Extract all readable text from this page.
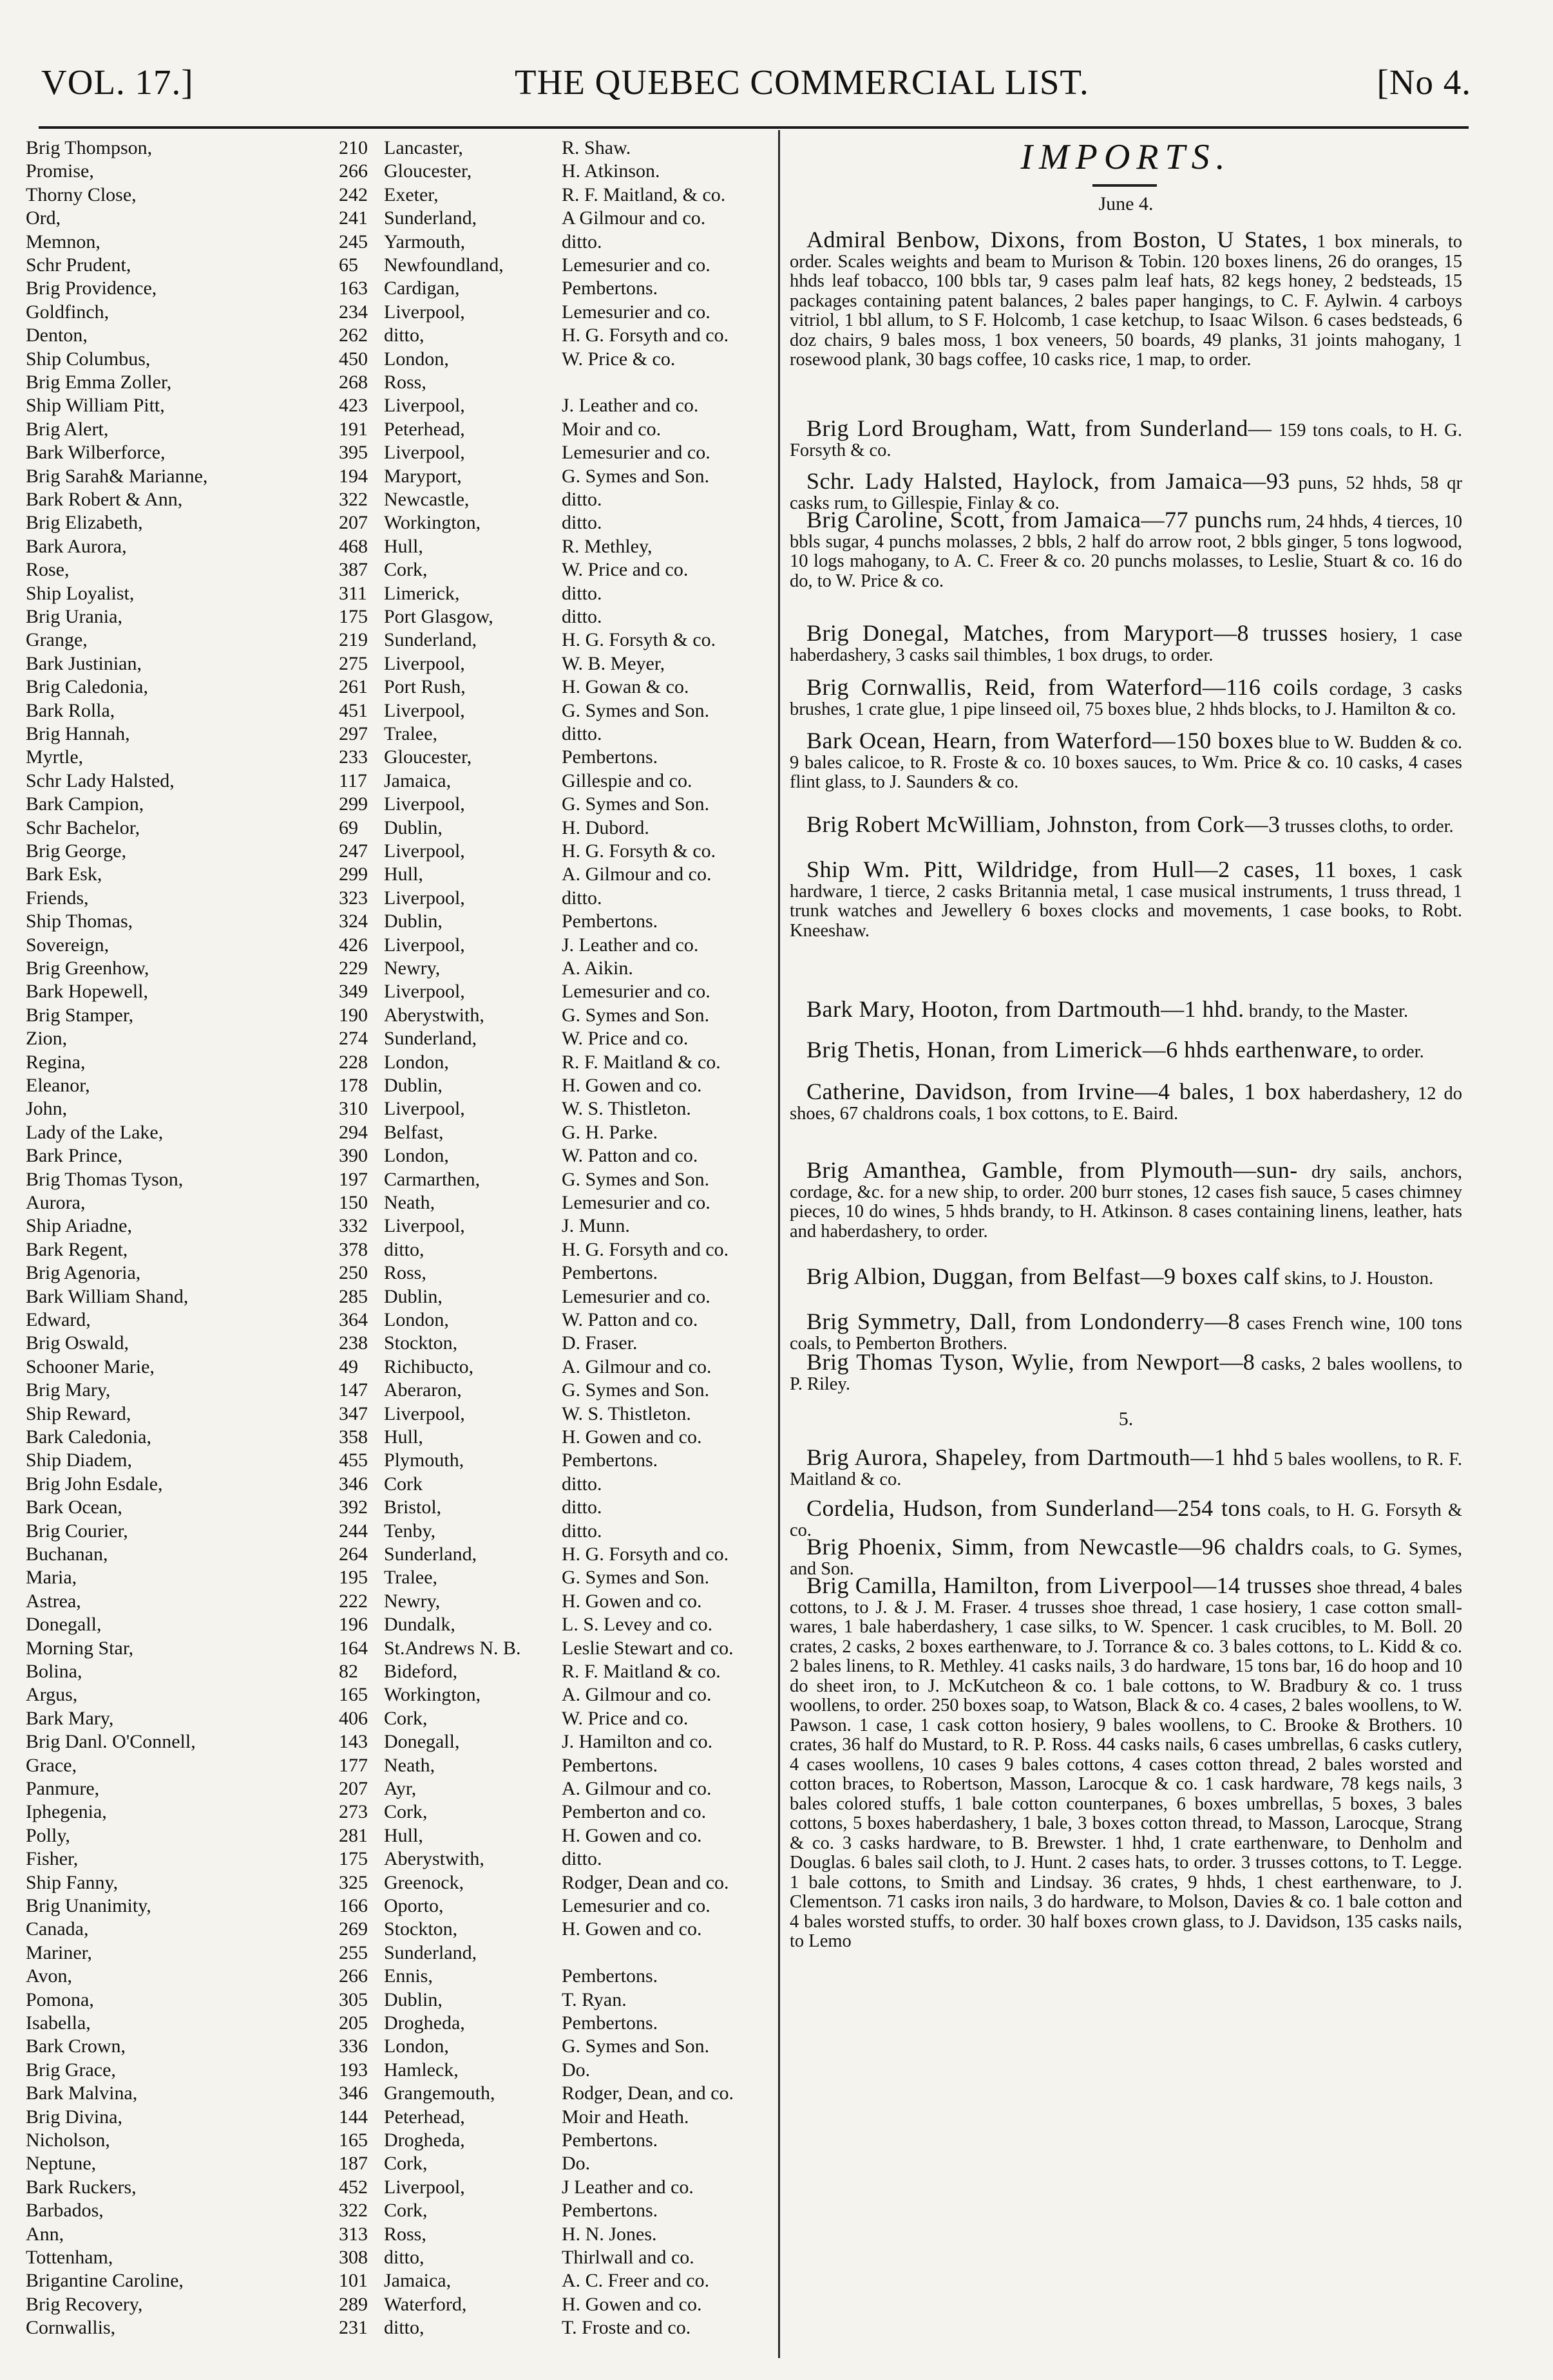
VOL. 17.]	THE QUEBEC COMMERCIAL LIST.	[No 4.
Brig Thompson,	210 Lancaster,	R. Shaw.
Promise,	266 Gloucester,	H. Atkinson.
Thorny Close,	242 Exeter,	R. F. Maitland, & co.
Ord,	241 Sunderland,	A Gilmour and co.
Memnon,	245 Yarmouth,	ditto.
Schr Prudent,	65	Newfoundland,	Lemesurier and co.
Brig Providence,	163 Cardigan,	Pembertons.
Goldfinch,	234 Liverpool,	Lemesurier and co.
Denton,	262 ditto,	H. G. Forsyth and co.
Ship Columbus,	450 London,	W. Price & co.
Brig Emma Zoller,	268 Ross,
Ship William Pitt,	423 Liverpool,	J. Leather and co.
Brig Alert,	191 Peterhead,	Moir and co.
Bark Wilberforce,	395 Liverpool,	Lemesurier and co.
Brig Sarah& Marianne,	194 Maryport,	G. Symes and Son.
Bark Robert & Ann,	322 Newcastle,	ditto.
Brig Elizabeth,	207 Workington,	ditto.
Bark Aurora,	468 Hull,	R. Methley,
Rose,	387 Cork,	W. Price and co.
Ship Loyalist,	311 Limerick,	ditto.
Brig Urania,	175 Port Glasgow,	ditto.
Grange,	219 Sunderland,	H. G. Forsyth & co.
Bark Justinian,	275 Liverpool,	W. B. Meyer,
Brig Caledonia,	261 Port Rush,	H. Gowan & co.
Bark Rolla,	451 Liverpool,	G. Symes and Son.
Brig Hannah,	297 Tralee,	ditto.
Myrtle,	233 Gloucester,	Pembertons.
Schr Lady Halsted,	117 Jamaica,	Gillespie and co.
Bark Campion,	299 Liverpool,	G. Symes and Son.
Schr Bachelor,	69	Dublin,	H. Dubord.
Brig George,	247 Liverpool,	H. G. Forsyth & co.
Bark Esk,	299 Hull,	A. Gilmour and co.
Friends,	323 Liverpool,	ditto.
Ship Thomas,	324 Dublin,	Pembertons.
Sovereign,	426 Liverpool,	J. Leather and co.
Brig Greenhow,	229 Newry,	A. Aikin.
Bark Hopewell,	349 Liverpool,	Lemesurier and co.
Brig Stamper,	190 Aberystwith,	G. Symes and Son.
Zion,	274 Sunderland,	W. Price and co.
Regina,	228 London,	R. F. Maitland & co.
Eleanor,	178 Dublin,	H. Gowen and co.
John,	310 Liverpool,	W. S. Thistleton.
Lady of the Lake,	294 Belfast,	G. H. Parke.
Bark Prince,	390 London,	W. Patton and co.
Brig Thomas Tyson,	197 Carmarthen,	G. Symes and Son.
Aurora,	150 Neath,	Lemesurier and co.
Ship Ariadne,	332 Liverpool,	J. Munn.
Bark Regent,	378 ditto,	H. G. Forsyth and co.
Brig Agenoria,	250 Ross,	Pembertons.
Bark William Shand,	285 Dublin,	Lemesurier and co.
Edward,	364 London,	W. Patton and co.
Brig Oswald,	238 Stockton,	D. Fraser.
Schooner Marie,	49	Richibucto,	A. Gilmour and co.
Brig Mary,	147 Aberaron,	G. Symes and Son.
Ship Reward,	347 Liverpool,	W. S. Thistleton.
Bark Caledonia,	358 Hull,	H. Gowen and co.
Ship Diadem,	455 Plymouth,	Pembertons.
Brig John Esdale,	346 Cork	ditto.
Bark Ocean,	392 Bristol,	ditto.
Brig Courier,	244 Tenby,	ditto.
Buchanan,	264 Sunderland,	H. G. Forsyth and co.
Maria,	195 Tralee,	G. Symes and Son.
Astrea,	222 Newry,	H. Gowen and co.
Donegall,	196 Dundalk,	L. S. Levey and co.
Morning Star,	164 St.Andrews N. B.	Leslie Stewart and co.
Bolina,	82	Bideford,	R. F. Maitland & co.
Argus,	165 Workington,	A. Gilmour and co.
Bark Mary,	406 Cork,	W. Price and co.
Brig Danl. O'Connell,	143 Donegall,	J. Hamilton and co.
Grace,	177 Neath,	Pembertons.
Panmure,	207 Ayr,	A. Gilmour and co.
Iphegenia,	273 Cork,	Pemberton and co.
Polly,	281 Hull,	H. Gowen and co.
Fisher,	175 Aberystwith,	ditto.
Ship Fanny,	325 Greenock,	Rodger, Dean and co.
Brig Unanimity,	166 Oporto,	Lemesurier and co.
Canada,	269 Stockton,	H. Gowen and co.
Mariner,	255 Sunderland,
Avon,	266 Ennis,	Pembertons.
Pomona,	305 Dublin,	T. Ryan.
Isabella,	205 Drogheda,	Pembertons.
Bark Crown,	336 London,	G. Symes and Son.
Brig Grace,	193 Hamleck,	Do.
Bark Malvina,	346 Grangemouth,	Rodger, Dean, and co.
Brig Divina,	144 Peterhead,	Moir and Heath.
Nicholson,	165 Drogheda,	Pembertons.
Neptune,	187 Cork,	Do.
Bark Ruckers,	452 Liverpool,	J Leather and co.
Barbados,	322 Cork,	Pembertons.
Ann,	313 Ross,	H. N. Jones.
Tottenham,	308 ditto,	Thirlwall and co.
Brigantine Caroline,	101 Jamaica,	A. C. Freer and co.
Brig Recovery,	289 Waterford,	H. Gowen and co.
Cornwallis,	231 ditto,	T. Froste and co.
IMPORTS.
June 4.
5.
Admiral Benbow, Dixons, from Boston, U States, 1 box minerals, to order. Scales weights and beam to Murison & Tobin. 120 boxes linens, 26 do oranges, 15 hhds leaf tobacco, 100 bbls tar, 9 cases palm leaf hats, 82 kegs honey, 2 bedsteads, 15 packages containing patent balances, 2 bales paper hangings, to C. F. Aylwin. 4 carboys vitriol, 1 bbl allum, to S F. Holcomb, 1 case ketchup, to Isaac Wilson. 6 cases bedsteads, 6 doz chairs, 9 bales moss, 1 box veneers, 50 boards, 49 planks, 31 joints mahogany, 1 rosewood plank, 30 bags coffee, 10 casks rice, 1 map, to order.
Brig Lord Brougham, Watt, from Sunderland— 159 tons coals, to H. G. Forsyth & co.
Schr. Lady Halsted, Haylock, from Jamaica—93 puns, 52 hhds, 58 qr casks rum, to Gillespie, Finlay & co.
Brig Caroline, Scott, from Jamaica—77 punchs rum, 24 hhds, 4 tierces, 10 bbls sugar, 4 punchs molasses, 2 bbls, 2 half do arrow root, 2 bbls ginger, 5 tons logwood, 10 logs mahogany, to A. C. Freer & co. 20 punchs molasses, to Leslie, Stuart & co. 16 do do, to W. Price & co.
Brig Donegal, Matches, from Maryport—8 trusses hosiery, 1 case haberdashery, 3 casks sail thimbles, 1 box drugs, to order.
Brig Cornwallis, Reid, from Waterford—116 coils cordage, 3 casks brushes, 1 crate glue, 1 pipe linseed oil, 75 boxes blue, 2 hhds blocks, to J. Hamilton & co.
Bark Ocean, Hearn, from Waterford—150 boxes blue to W. Budden & co. 9 bales calicoe, to R. Froste & co. 10 boxes sauces, to Wm. Price & co. 10 casks, 4 cases flint glass, to J. Saunders & co.
Brig Robert McWilliam, Johnston, from Cork—3 trusses cloths, to order.
Ship Wm. Pitt, Wildridge, from Hull—2 cases, 11 boxes, 1 cask hardware, 1 tierce, 2 casks Britannia metal, 1 case musical instruments, 1 truss thread, 1 trunk watches and Jewellery 6 boxes clocks and movements, 1 case books, to Robt. Kneeshaw.
Bark Mary, Hooton, from Dartmouth—1 hhd. brandy, to the Master.
Brig Thetis, Honan, from Limerick—6 hhds earthenware, to order.
Catherine, Davidson, from Irvine—4 bales, 1 box haberdashery, 12 do shoes, 67 chaldrons coals, 1 box cottons, to E. Baird.
Brig Amanthea, Gamble, from Plymouth—sun- dry sails, anchors, cordage, &c. for a new ship, to order. 200 burr stones, 12 cases fish sauce, 5 cases chimney pieces, 10 do wines, 5 hhds brandy, to H. Atkinson. 8 cases containing linens, leather, hats and haberdashery, to order.
Brig Albion, Duggan, from Belfast—9 boxes calf skins, to J. Houston.
Brig Symmetry, Dall, from Londonderry—8 cases French wine, 100 tons coals, to Pemberton Brothers.
Brig Thomas Tyson, Wylie, from Newport—8 casks, 2 bales woollens, to P. Riley.
Brig Aurora, Shapeley, from Dartmouth—1 hhd 5 bales woollens, to R. F. Maitland & co.
Cordelia, Hudson, from Sunderland—254 tons coals, to H. G. Forsyth & co.
Brig Phoenix, Simm, from Newcastle—96 chaldrs coals, to G. Symes, and Son.
Brig Camilla, Hamilton, from Liverpool—14 trusses shoe thread, 4 bales cottons, to J. & J. M. Fraser. 4 trusses shoe thread, 1 case hosiery, 1 case cotton small-wares, 1 bale haberdashery, 1 case silks, to W. Spencer. 1 cask crucibles, to M. Boll. 20 crates, 2 casks, 2 boxes earthenware, to J. Torrance & co. 3 bales cottons, to L. Kidd & co. 2 bales linens, to R. Methley. 41 casks nails, 3 do hardware, 15 tons bar, 16 do hoop and 10 do sheet iron, to J. McKutcheon & co. 1 bale cottons, to W. Bradbury & co. 1 truss woollens, to order. 250 boxes soap, to Watson, Black & co. 4 cases, 2 bales woollens, to W. Pawson. 1 case, 1 cask cotton hosiery, 9 bales woollens, to C. Brooke & Brothers. 10 crates, 36 half do Mustard, to R. P. Ross. 44 casks nails, 6 cases umbrellas, 6 casks cutlery, 4 cases woollens, 10 cases 9 bales cottons, 4 cases cotton thread, 2 bales worsted and cotton braces, to Robertson, Masson, Larocque & co. 1 cask hardware, 78 kegs nails, 3 bales colored stuffs, 1 bale cotton counterpanes, 6 boxes umbrellas, 5 boxes, 3 bales cottons, 5 boxes haberdashery, 1 bale, 3 boxes cotton thread, to Masson, Larocque, Strang & co. 3 casks hardware, to B. Brewster. 1 hhd, 1 crate earthenware, to Denholm and Douglas. 6 bales sail cloth, to J. Hunt. 2 cases hats, to order. 3 trusses cottons, to T. Legge. 1 bale cottons, to Smith and Lindsay. 36 crates, 9 hhds, 1 chest earthenware, to J. Clementson. 71 casks iron nails, 3 do hardware, to Molson, Davies & co. 1 bale cotton and 4 bales worsted stuffs, to order. 30 half boxes crown glass, to J. Davidson, 135 casks nails, to Lemo
